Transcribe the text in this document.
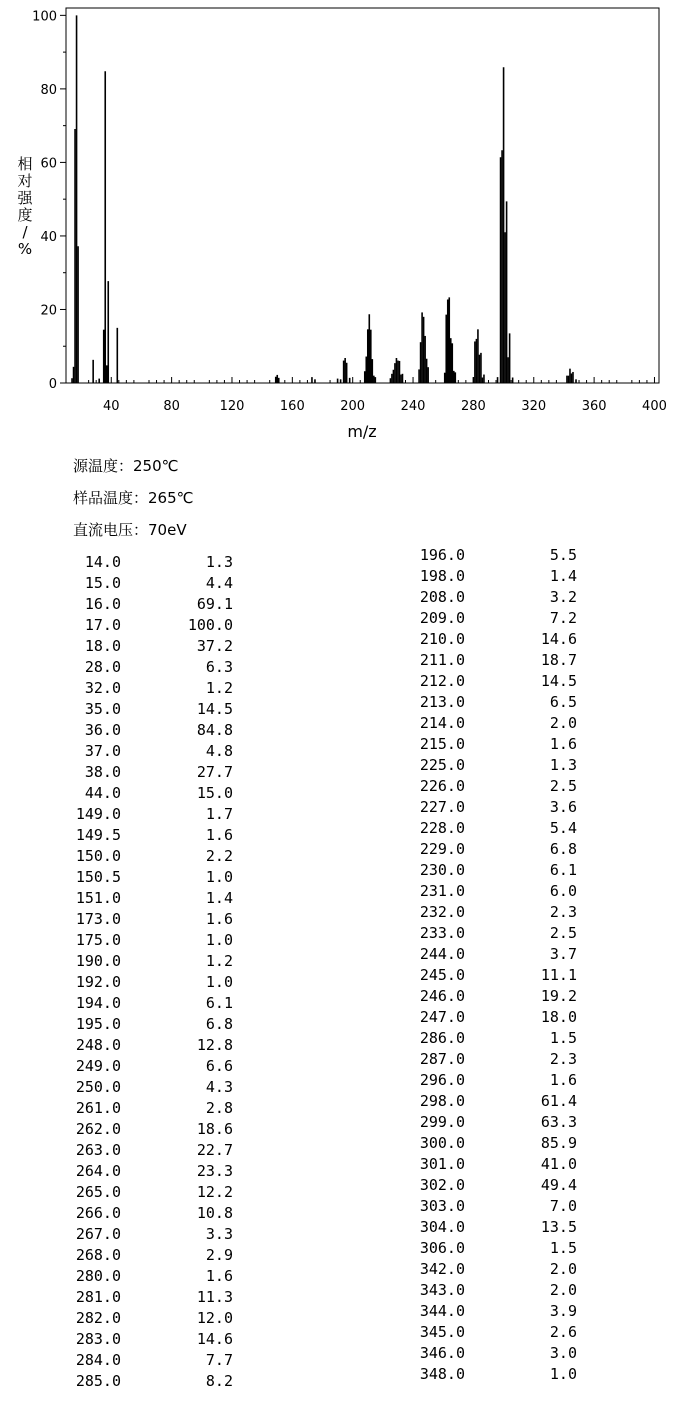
40	80	120	160	200	240	280	320	360	400
0
20
40
60
80
100
m/z
相
对
强
度
/
%
源温度：250℃
样品温度：265℃
直流电压：70eV
14.0	1.3
15.0	4.4
16.0	69.1
17.0	100.0
18.0	37.2
28.0	6.3
32.0	1.2
35.0	14.5
36.0	84.8
37.0	4.8
38.0	27.7
44.0	15.0
149.0	1.7
149.5	1.6
150.0	2.2
150.5	1.0
151.0	1.4
173.0	1.6
175.0	1.0
190.0	1.2
192.0	1.0
194.0	6.1
195.0	6.8
248.0	12.8
249.0	6.6
250.0	4.3
261.0	2.8
262.0	18.6
263.0	22.7
264.0	23.3
265.0	12.2
266.0	10.8
267.0	3.3
268.0	2.9
280.0	1.6
281.0	11.3
282.0	12.0
283.0	14.6
284.0	7.7
285.0	8.2
196.0	5.5
198.0	1.4
208.0	3.2
209.0	7.2
210.0	14.6
211.0	18.7
212.0	14.5
213.0	6.5
214.0	2.0
215.0	1.6
225.0	1.3
226.0	2.5
227.0	3.6
228.0	5.4
229.0	6.8
230.0	6.1
231.0	6.0
232.0	2.3
233.0	2.5
244.0	3.7
245.0	11.1
246.0	19.2
247.0	18.0
286.0	1.5
287.0	2.3
296.0	1.6
298.0	61.4
299.0	63.3
300.0	85.9
301.0	41.0
302.0	49.4
303.0	7.0
304.0	13.5
306.0	1.5
342.0	2.0
343.0	2.0
344.0	3.9
345.0	2.6
346.0	3.0
348.0	1.0
